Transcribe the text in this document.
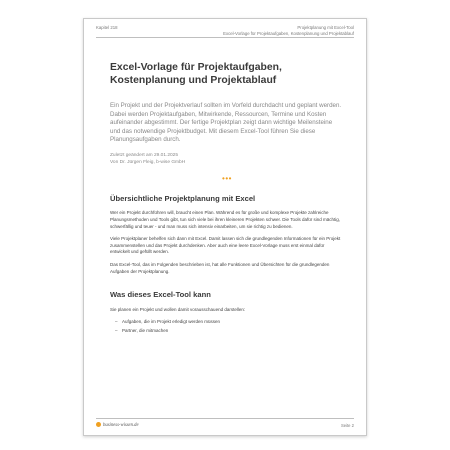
Kapitel 218	Projektplanung mit Excel-Tool
Excel-Vorlage für Projektaufgaben, Kostenplanung und Projektablauf
Excel-Vorlage für Projektaufgaben, Kostenplanung und Projektablauf
Ein Projekt und der Projektverlauf sollten im Vorfeld durchdacht und geplant werden. Dabei werden Projektaufgaben, Mitwirkende, Ressourcen, Termine und Kosten aufeinander abgestimmt. Der fertige Projektplan zeigt dann wichtige Meilensteine und das notwendige Projektbudget. Mit diesem Excel-Tool führen Sie diese Planungsaufgaben durch.
Zuletzt geändert am 29.01.2025
Von Dr. Jürgen Fleig, b-wise GmbH
•••
Übersichtliche Projektplanung mit Excel
Wer ein Projekt durchführen will, braucht einen Plan. Während es für große und komplexe Projekte zahlreiche Planungsmethoden und Tools gibt, tun sich viele bei ihren kleineren Projekten schwer. Die Tools dafür sind mächtig, schwerfällig und teuer - und man muss sich intensiv einarbeiten, um sie richtig zu bedienen.
Viele Projektplaner behelfen sich dann mit Excel. Damit lassen sich die grundlegenden Informationen für ein Projekt zusammenstellen und das Projekt durchdenken. Aber auch eine leere Excel-Vorlage muss erst einmal dafür entwickelt und gefüllt werden.
Das Excel-Tool, das im Folgenden beschrieben ist, hat alle Funktionen und Übersichten für die grundlegenden Aufgaben der Projektplanung.
Was dieses Excel-Tool kann
Sie planen ein Projekt und wollen damit vorausschauend darstellen:
– Aufgaben, die im Projekt erledigt werden müssen
– Partner, die mitmachen
business-wissen.de	Seite 2
